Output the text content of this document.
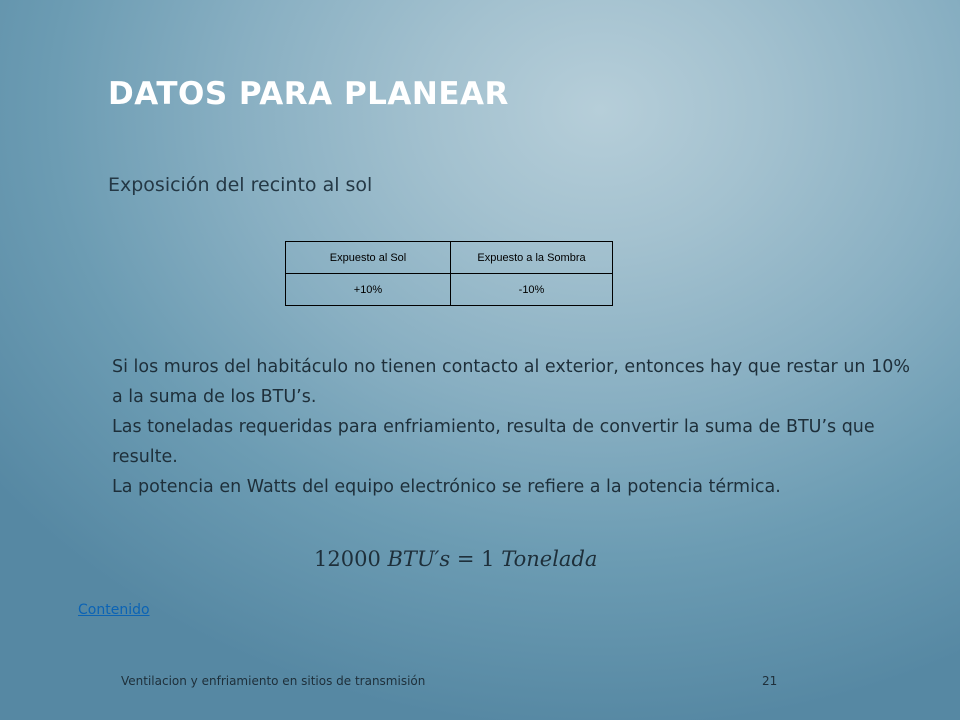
DATOS PARA PLANEAR
Exposición del recinto al sol
Expuesto al Sol	Expuesto a la Sombra
+10%	-10%

Si los muros del habitáculo no tienen contacto al exterior, entonces hay que restar un 10% a la suma de los BTU’s.

Las toneladas requeridas para enfriamiento, resulta de convertir la suma de BTU’s que resulte.

La potencia en Watts del equipo electrónico se refiere a la potencia térmica.

12000 BTU′s = 1 Tonelada
Contenido
Ventilacion y enfriamiento en sitios de transmisión	21
